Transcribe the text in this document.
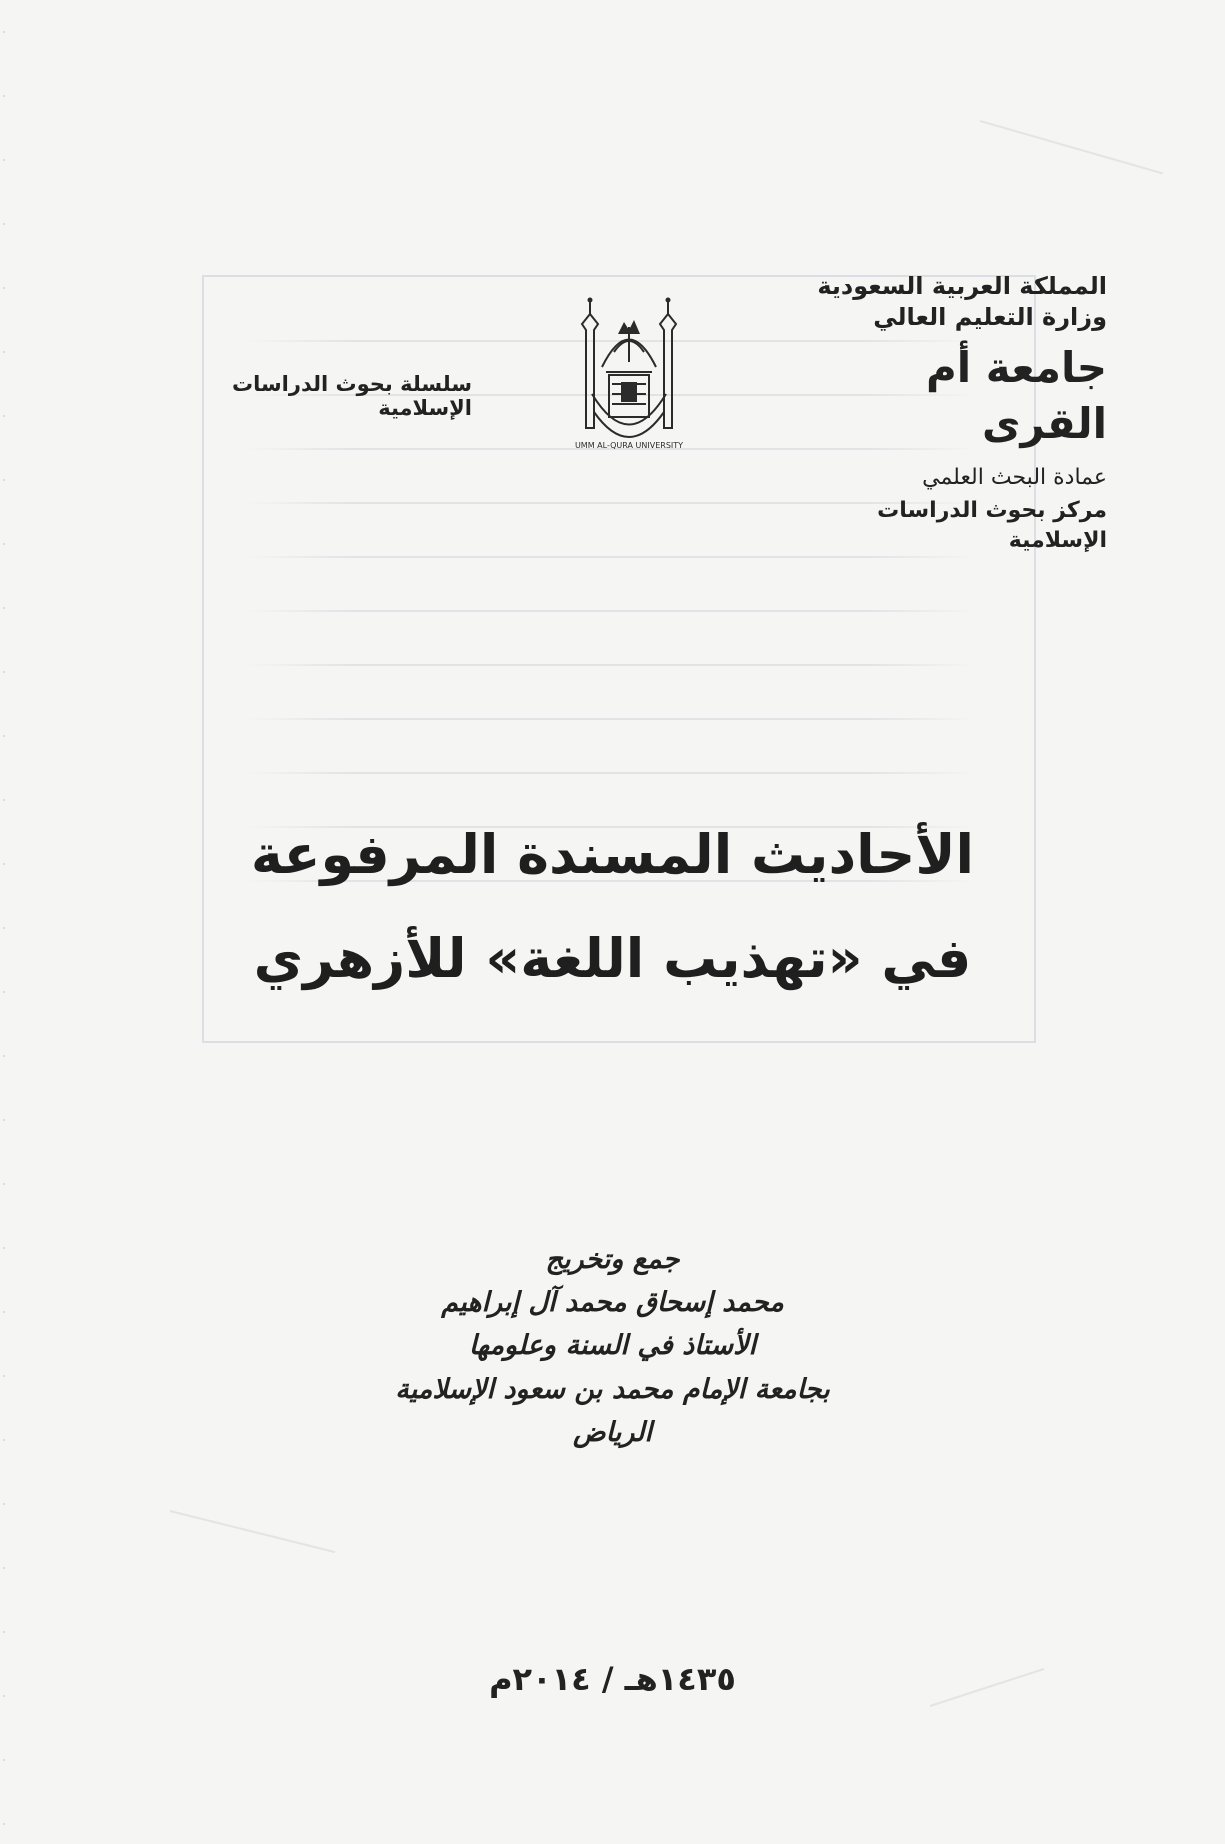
المملكة العربية السعودية
وزارة التعليم العالي
جامعة أم القرى
عمادة البحث العلمي
مركز بحوث الدراسات الإسلامية
سلسلة بحوث الدراسات الإسلامية
UMM AL-QURA UNIVERSITY
الأحاديث المسندة المرفوعة
في «تهذيب اللغة» للأزهري
جمع وتخريج
محمد إسحاق محمد آل إبراهيم
الأستاذ في السنة وعلومها
بجامعة الإمام محمد بن سعود الإسلامية
الرياض
١٤٣٥هـ / ٢٠١٤م
